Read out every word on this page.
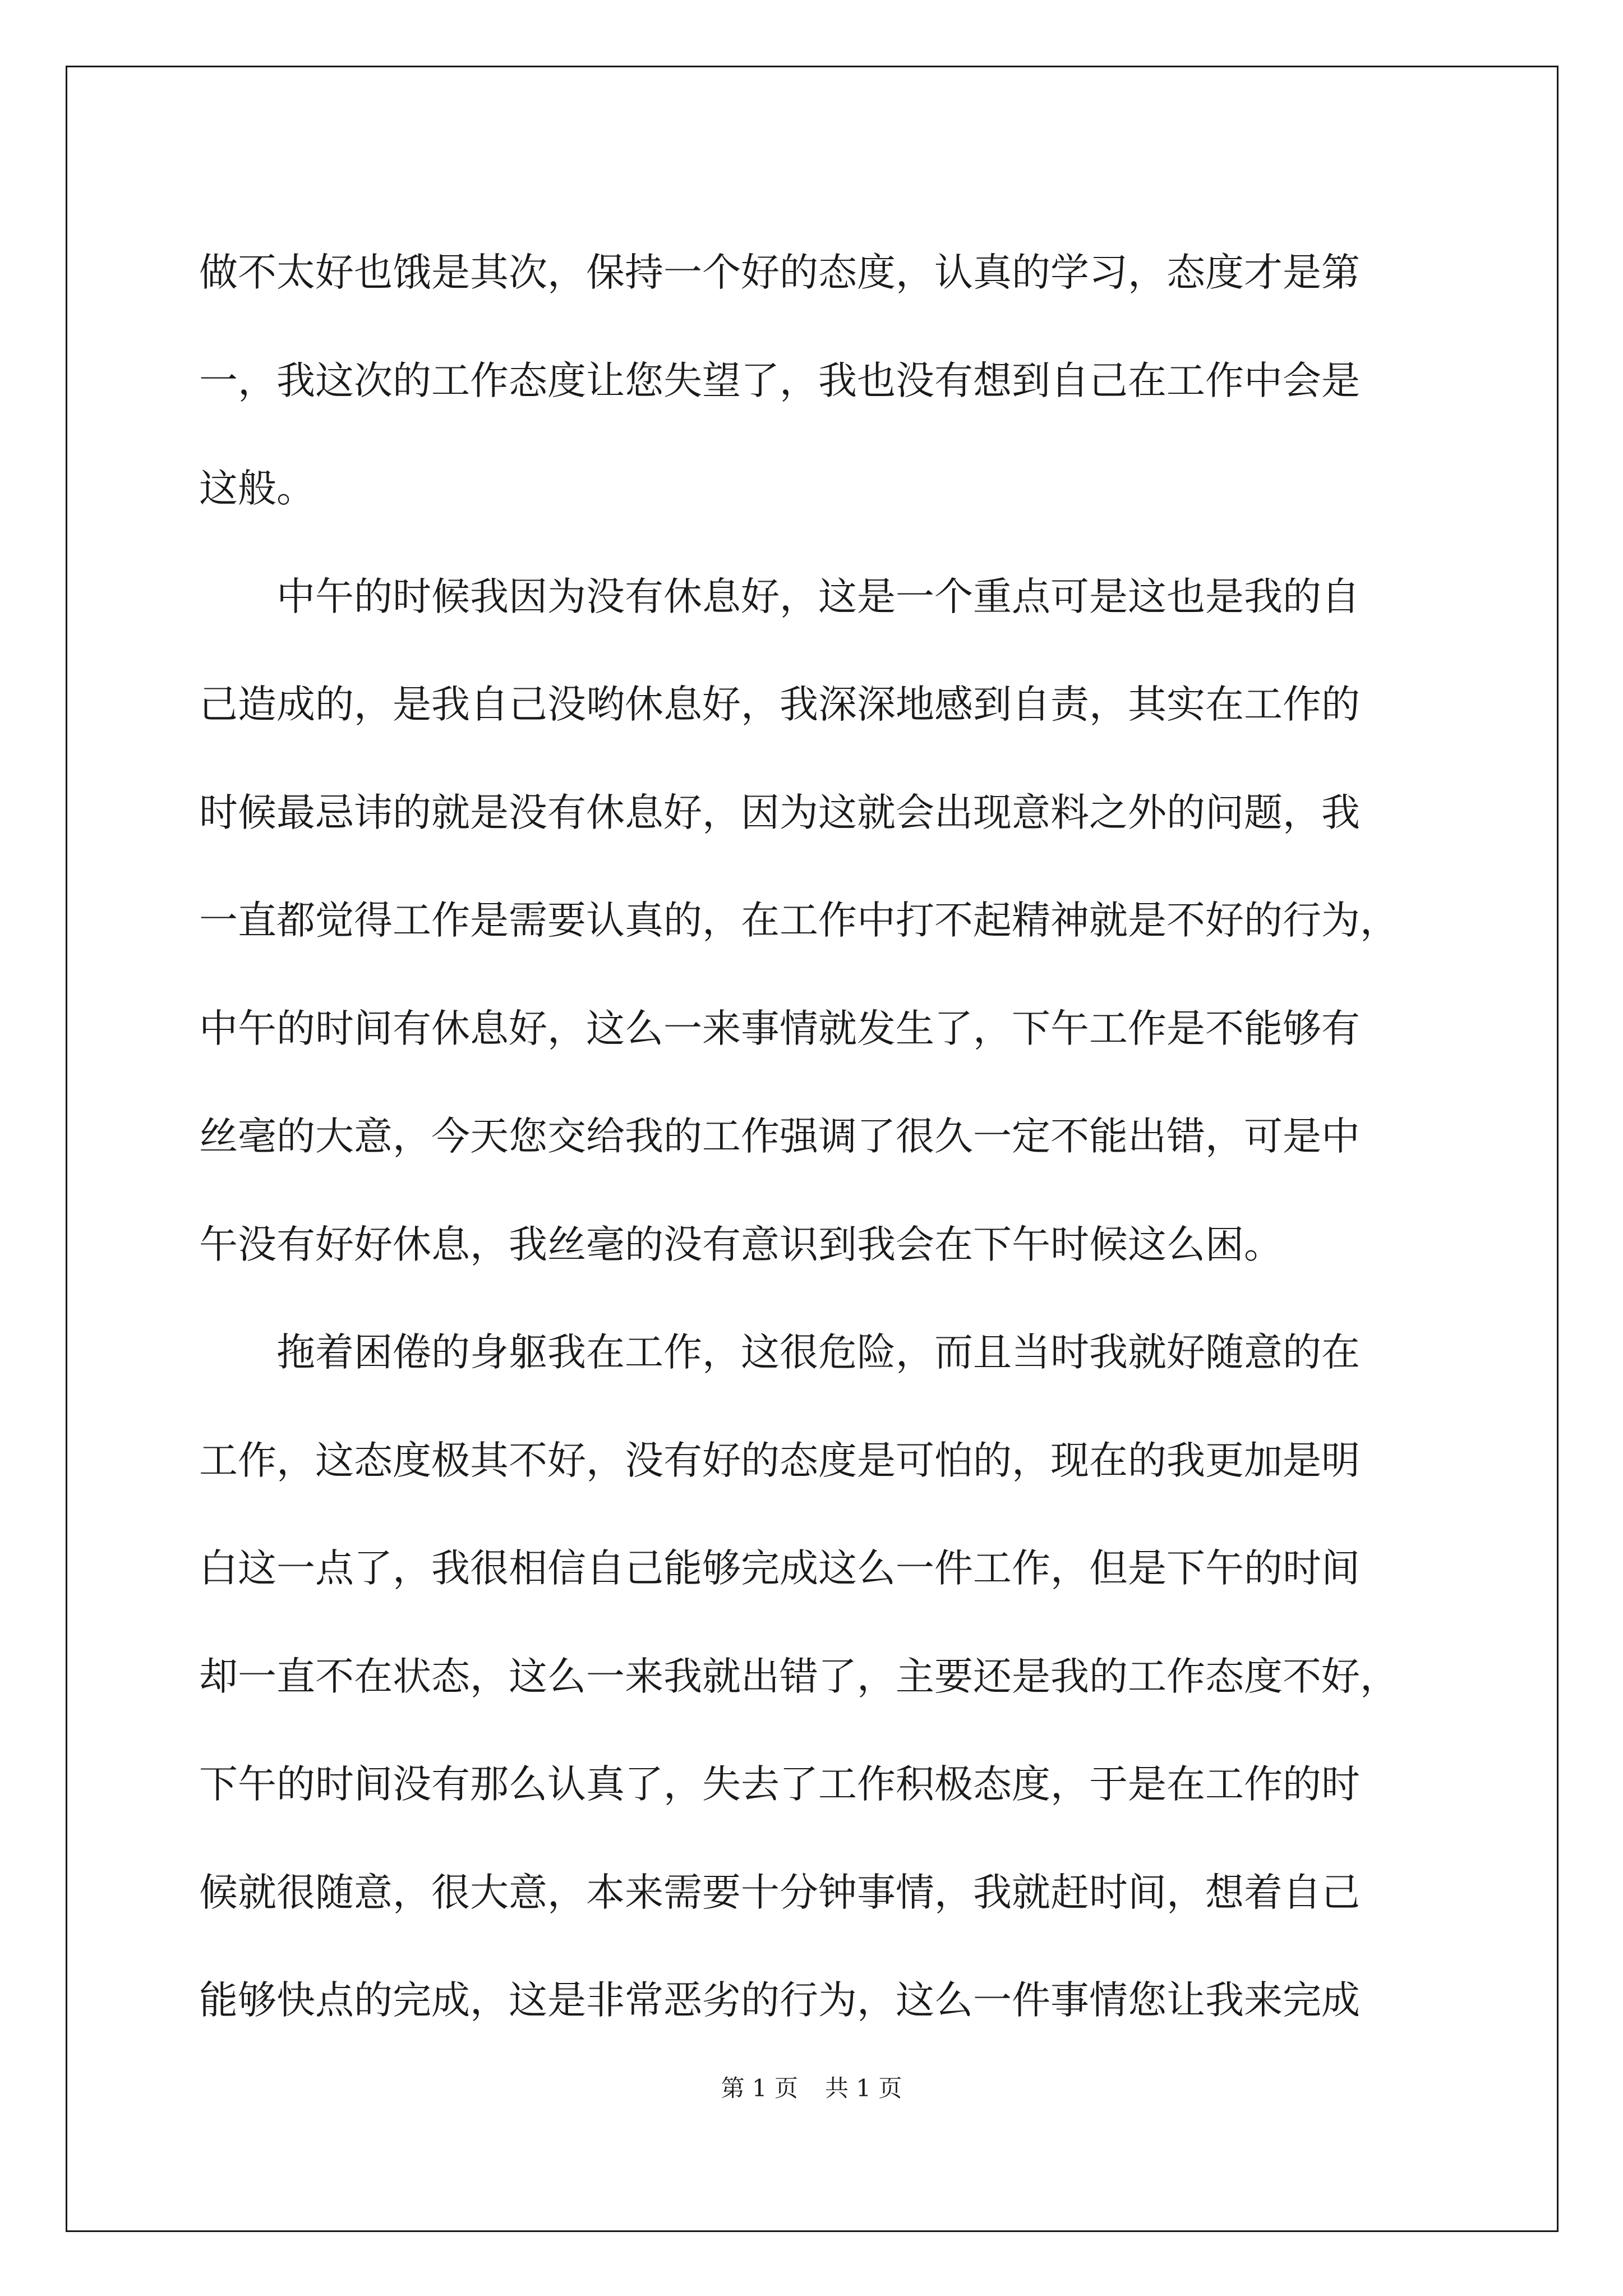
做不太好也饿是其次，保持一个好的态度，认真的学习，态度才是第
一，我这次的工作态度让您失望了，我也没有想到自己在工作中会是
这般。
　　中午的时候我因为没有休息好，这是一个重点可是这也是我的自
己造成的，是我自己没哟休息好，我深深地感到自责，其实在工作的
时候最忌讳的就是没有休息好，因为这就会出现意料之外的问题，我
一直都觉得工作是需要认真的，在工作中打不起精神就是不好的行为，
中午的时间有休息好，这么一来事情就发生了，下午工作是不能够有
丝毫的大意，今天您交给我的工作强调了很久一定不能出错，可是中
午没有好好休息，我丝毫的没有意识到我会在下午时候这么困。
　　拖着困倦的身躯我在工作，这很危险，而且当时我就好随意的在
工作，这态度极其不好，没有好的态度是可怕的，现在的我更加是明
白这一点了，我很相信自己能够完成这么一件工作，但是下午的时间
却一直不在状态，这么一来我就出错了，主要还是我的工作态度不好，
下午的时间没有那么认真了，失去了工作积极态度，于是在工作的时
候就很随意，很大意，本来需要十分钟事情，我就赶时间，想着自己
能够快点的完成，这是非常恶劣的行为，这么一件事情您让我来完成
第 1 页 共 1 页
